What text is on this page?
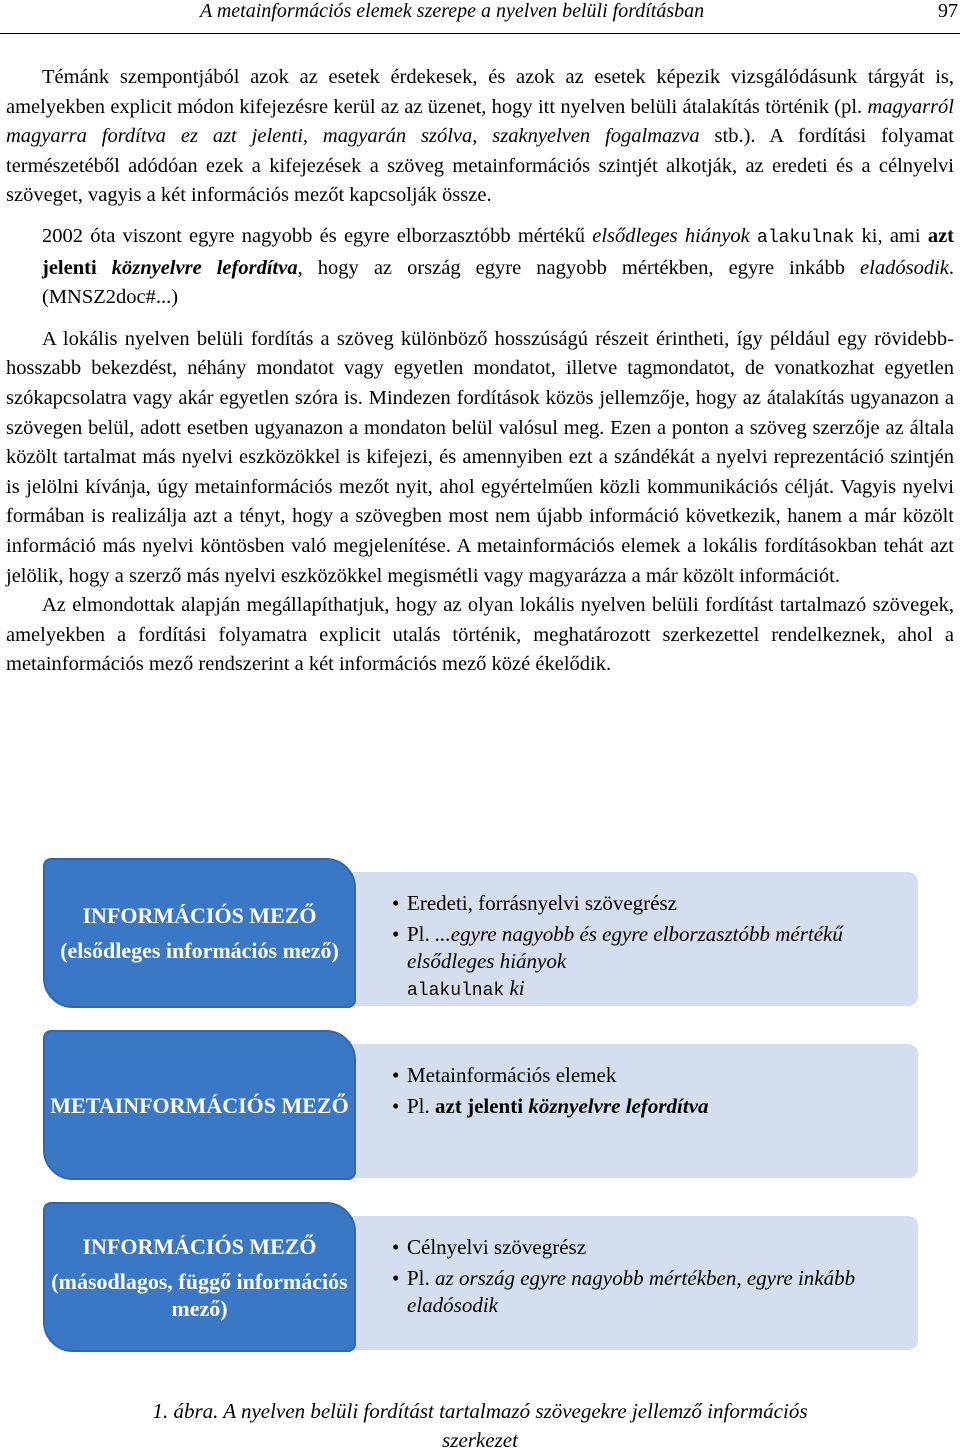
A metainformációs elemek szerepe a nyelven belüli fordításban	97

Témánk szempontjából azok az esetek érdekesek, és azok az esetek képezik vizsgálódásunk tárgyát is, amelyekben explicit módon kifejezésre kerül az az üzenet, hogy itt nyelven belüli átalakítás történik (pl. magyarról magyarra fordítva ez azt jelenti, magyarán szólva, szaknyelven fogalmazva stb.). A fordítási folyamat természetéből adódóan ezek a kifejezések a szöveg metainformációs szintjét alkotják, az eredeti és a célnyelvi szöveget, vagyis a két információs mezőt kapcsolják össze.

2002 óta viszont egyre nagyobb és egyre elborzasztóbb mértékű elsődleges hiányok alakulnak ki, ami azt jelenti köznyelvre lefordítva, hogy az ország egyre nagyobb mértékben, egyre inkább eladósodik. (MNSZ2doc#...)

A lokális nyelven belüli fordítás a szöveg különböző hosszúságú részeit érintheti, így például egy rövidebb-hosszabb bekezdést, néhány mondatot vagy egyetlen mondatot, illetve tagmondatot, de vonatkozhat egyetlen szókapcsolatra vagy akár egyetlen szóra is. Mindezen fordítások közös jellemzője, hogy az átalakítás ugyanazon a szövegen belül, adott esetben ugyanazon a mondaton belül valósul meg. Ezen a ponton a szöveg szerzője az általa közölt tartalmat más nyelvi eszközökkel is kifejezi, és amennyiben ezt a szándékát a nyelvi reprezentáció szintjén is jelölni kívánja, úgy metainformációs mezőt nyit, ahol egyértelműen közli kommunikációs célját. Vagyis nyelvi formában is realizálja azt a tényt, hogy a szövegben most nem újabb információ következik, hanem a már közölt információ más nyelvi köntösben való megjelenítése. A metainformációs elemek a lokális fordításokban tehát azt jelölik, hogy a szerző más nyelvi eszközökkel megismétli vagy magyarázza a már közölt információt.

Az elmondottak alapján megállapíthatjuk, hogy az olyan lokális nyelven belüli fordítást tartalmazó szövegek, amelyekben a fordítási folyamatra explicit utalás történik, meghatározott szerkezettel rendelkeznek, ahol a metainformációs mező rendszerint a két információs mező közé ékelődik.

• Eredeti, forrásnyelvi szövegrész
• Pl. ...egyre nagyobb és egyre elborzasztóbb mértékű elsődleges hiányok
alakulnak ki
INFORMÁCIÓS MEZŐ
(elsődleges információs mező)
• Metainformációs elemek
• Pl. azt jelenti köznyelvre lefordítva
METAINFORMÁCIÓS MEZŐ
• Célnyelvi szövegrész
• Pl. az ország egyre nagyobb mértékben, egyre inkább eladósodik
INFORMÁCIÓS MEZŐ
(másodlagos, függő információs mező)
1. ábra. A nyelven belüli fordítást tartalmazó szövegekre jellemző információs szerkezet
